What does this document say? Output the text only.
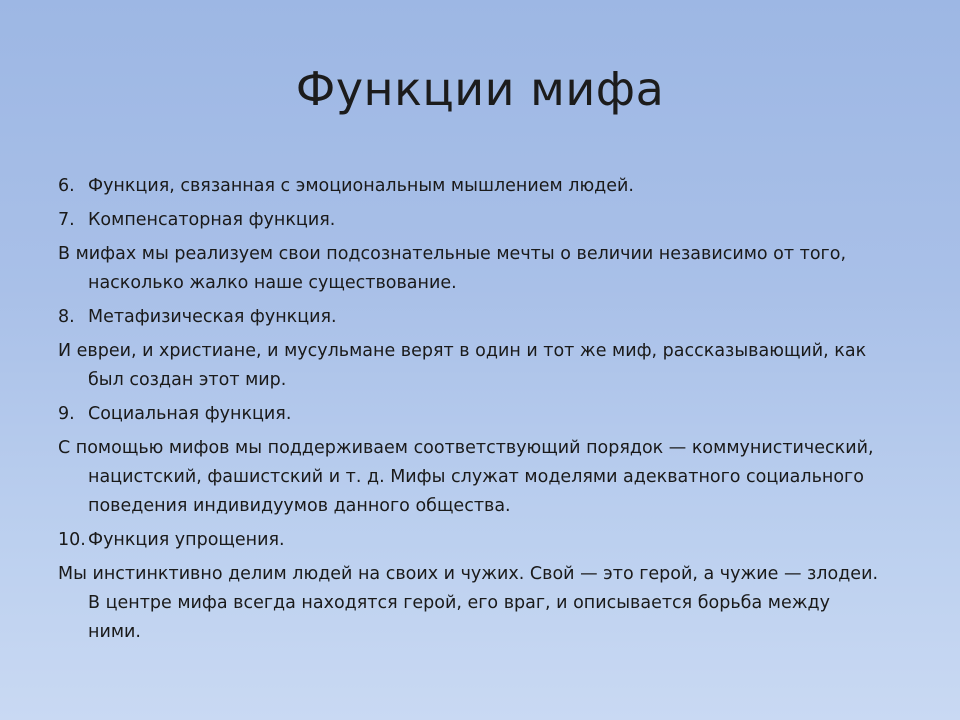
Функции мифа

6. Функция, связанная с эмоциональным мышлением людей.

7. Компенсаторная функция.

В мифах мы реализуем свои подсознательные мечты о величии независимо от того, насколько жалко наше существование.

8. Метафизическая функция.

И евреи, и христиане, и мусульмане верят в один и тот же миф, рассказывающий, как был создан этот мир.

9. Социальная функция.

С помощью мифов мы поддерживаем соответствующий порядок — коммунистический, нацистский, фашистский и т. д. Мифы служат моделями адекватного социального поведения индивидуумов данного общества.

10. Функция упрощения.

Мы инстинктивно делим людей на своих и чужих. Свой — это герой, а чужие — злодеи. В центре мифа всегда находятся герой, его враг, и описывается борьба между ними.
